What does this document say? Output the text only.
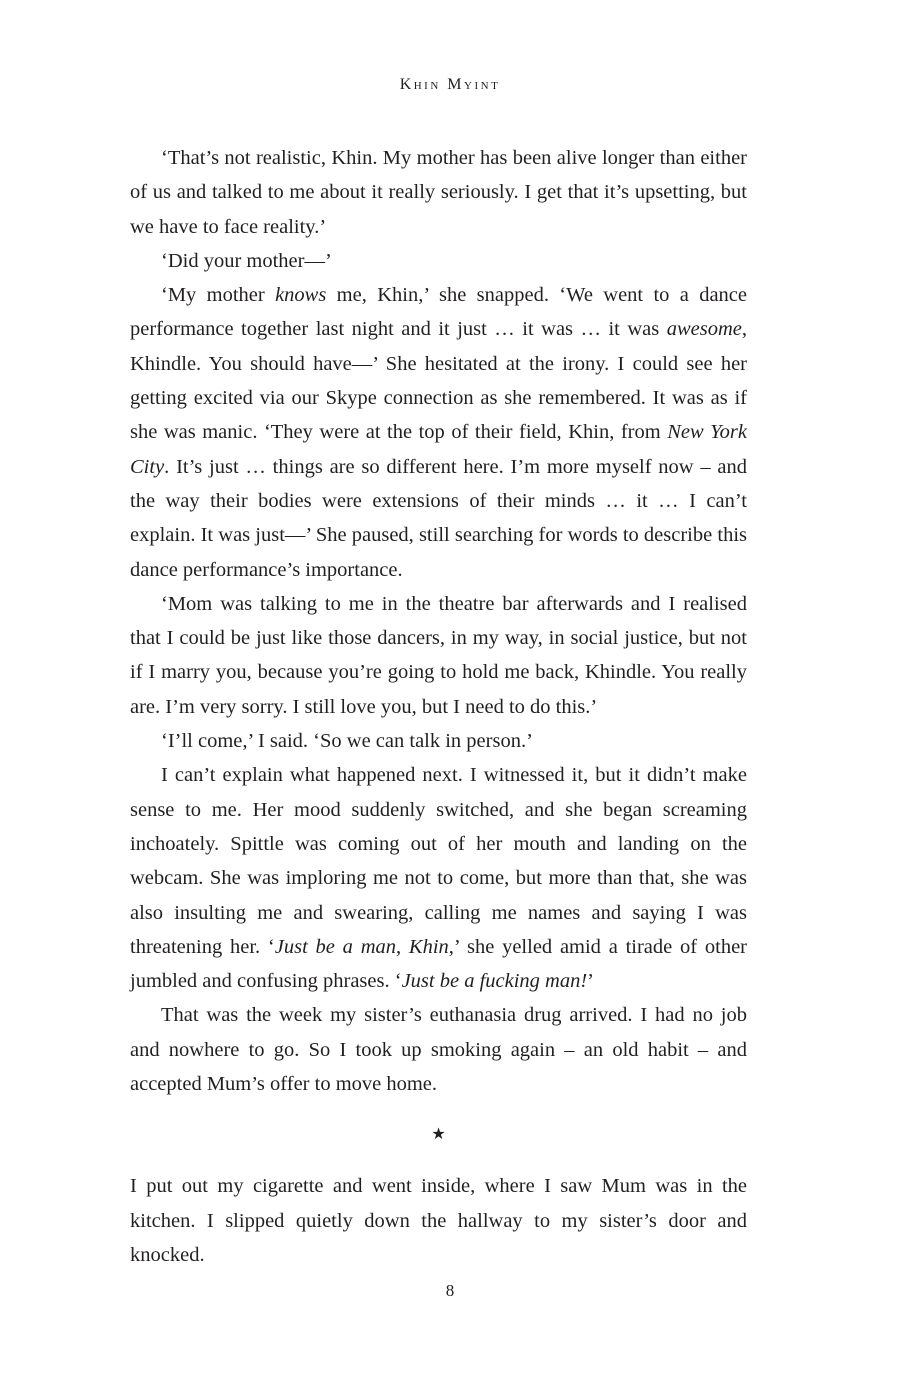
Khin Myint

‘That’s not realistic, Khin. My mother has been alive longer than either of us and talked to me about it really seriously. I get that it’s upsetting, but we have to face reality.’

‘Did your mother—’

‘My mother knows me, Khin,’ she snapped. ‘We went to a dance performance together last night and it just … it was … it was awesome, Khindle. You should have—’ She hesitated at the irony. I could see her getting excited via our Skype connection as she remembered. It was as if she was manic. ‘They were at the top of their field, Khin, from New York City. It’s just … things are so different here. I’m more myself now – and the way their bodies were extensions of their minds … it … I can’t explain. It was just—’ She paused, still searching for words to describe this dance performance’s importance.

‘Mom was talking to me in the theatre bar afterwards and I realised that I could be just like those dancers, in my way, in social justice, but not if I marry you, because you’re going to hold me back, Khindle. You really are. I’m very sorry. I still love you, but I need to do this.’

‘I’ll come,’ I said. ‘So we can talk in person.’

I can’t explain what happened next. I witnessed it, but it didn’t make sense to me. Her mood suddenly switched, and she began screaming inchoately. Spittle was coming out of her mouth and landing on the webcam. She was imploring me not to come, but more than that, she was also insulting me and swearing, calling me names and saying I was threatening her. ‘Just be a man, Khin,’ she yelled amid a tirade of other jumbled and confusing phrases. ‘Just be a fucking man!’

That was the week my sister’s euthanasia drug arrived. I had no job and nowhere to go. So I took up smoking again – an old habit – and accepted Mum’s offer to move home.

★

I put out my cigarette and went inside, where I saw Mum was in the kitchen. I slipped quietly down the hallway to my sister’s door and knocked.

8
